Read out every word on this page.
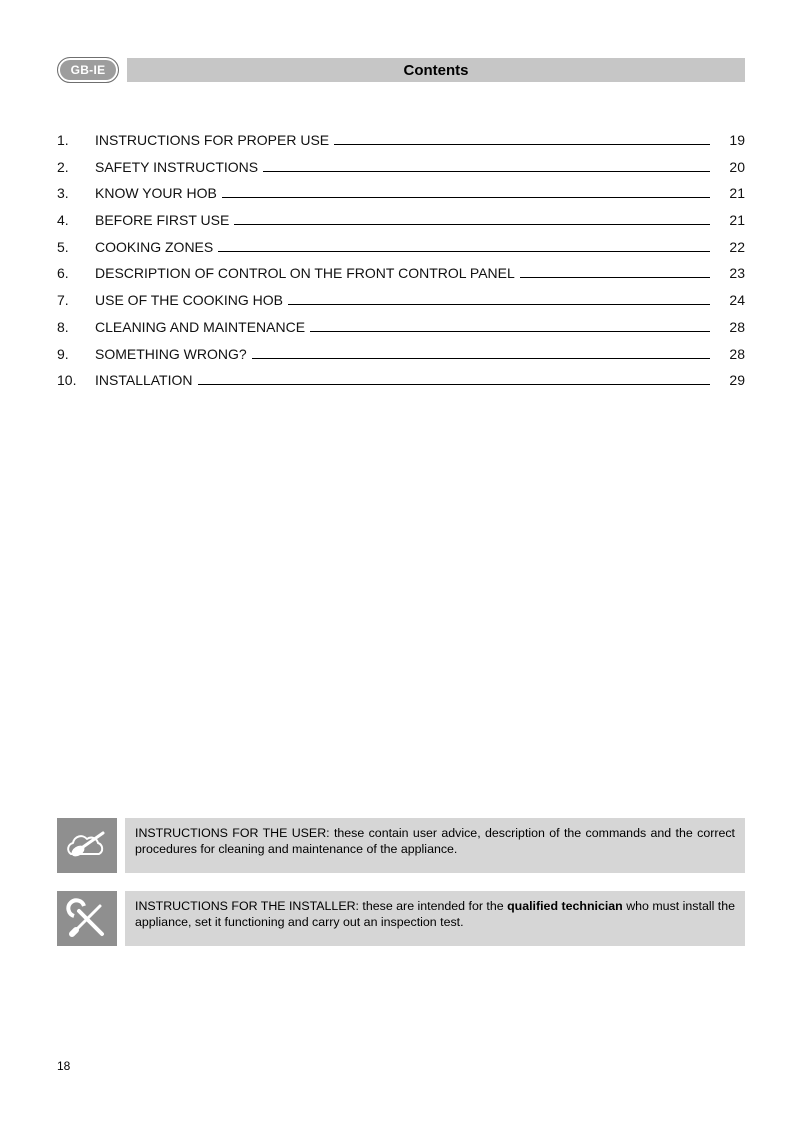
GB-IE	Contents
1.	INSTRUCTIONS FOR PROPER USE	19
2.	SAFETY INSTRUCTIONS	20
3.	KNOW YOUR HOB	21
4.	BEFORE FIRST USE	21
5.	COOKING ZONES	22
6.	DESCRIPTION OF CONTROL ON THE FRONT CONTROL PANEL	23
7.	USE OF THE COOKING HOB	24
8.	CLEANING AND MAINTENANCE	28
9.	SOMETHING WRONG?	28
10.	INSTALLATION	29
INSTRUCTIONS FOR THE USER: these contain user advice, description of the commands and the correct procedures for cleaning and maintenance of the appliance.
INSTRUCTIONS FOR THE INSTALLER: these are intended for the qualified technician who must install the appliance, set it functioning and carry out an inspection test.
18
